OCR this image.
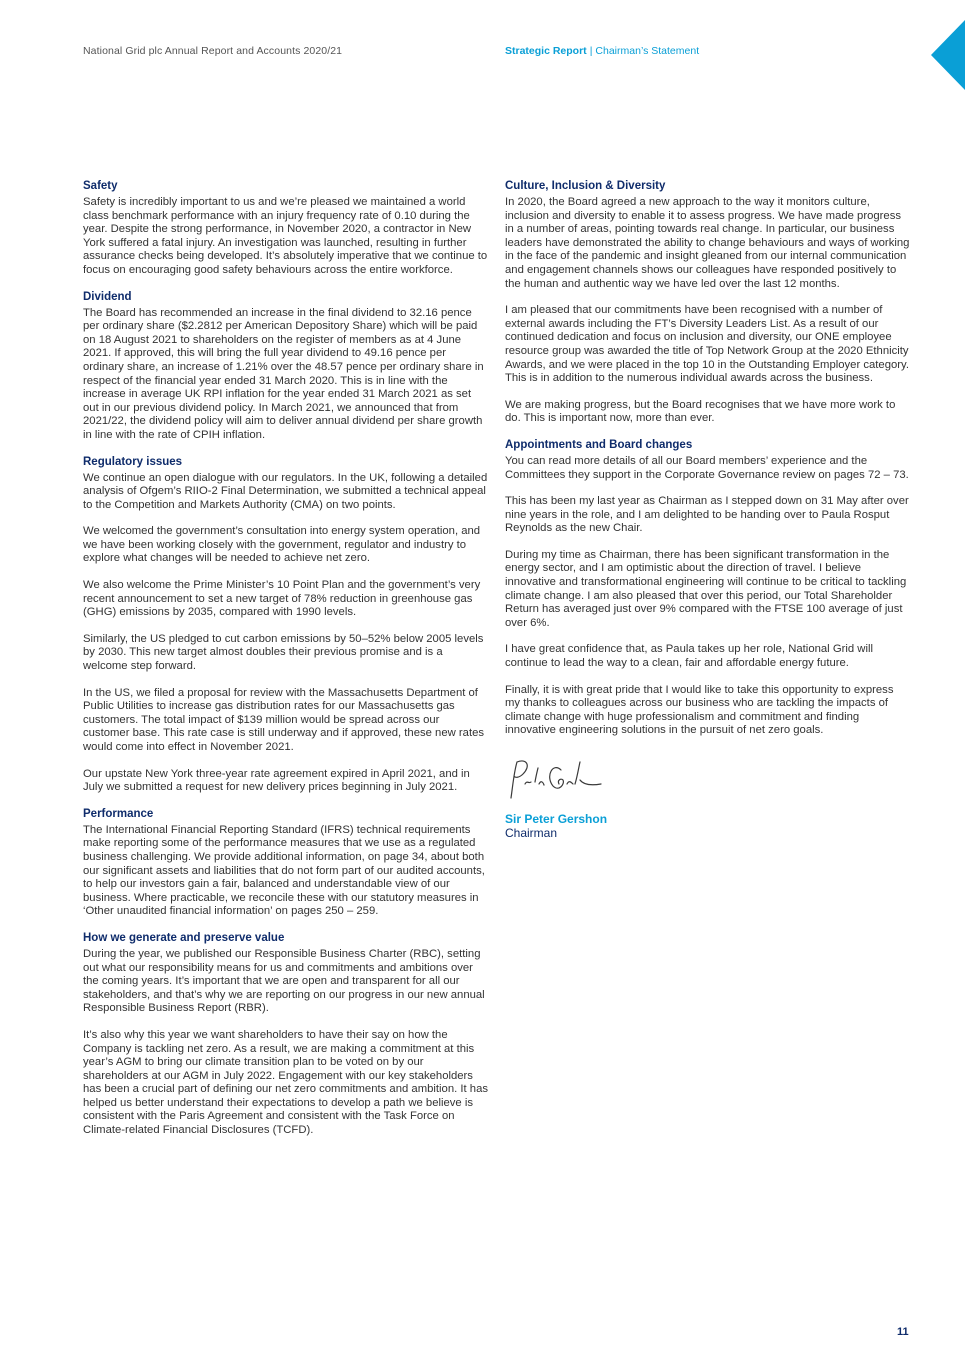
National Grid plc Annual Report and Accounts 2020/21	Strategic Report | Chairman’s Statement
Safety

Safety is incredibly important to us and we’re pleased we maintained a world class benchmark performance with an injury frequency rate of 0.10 during the year. Despite the strong performance, in November 2020, a contractor in New York suffered a fatal injury. An investigation was launched, resulting in further assurance checks being developed. It’s absolutely imperative that we continue to focus on encouraging good safety behaviours across the entire workforce.

Dividend

The Board has recommended an increase in the final dividend to 32.16 pence per ordinary share ($2.2812 per American Depository Share) which will be paid on 18 August 2021 to shareholders on the register of members as at 4 June 2021. If approved, this will bring the full year dividend to 49.16 pence per ordinary share, an increase of 1.21% over the 48.57 pence per ordinary share in respect of the financial year ended 31 March 2020. This is in line with the increase in average UK RPI inflation for the year ended 31 March 2021 as set out in our previous dividend policy. In March 2021, we announced that from 2021/22, the dividend policy will aim to deliver annual dividend per share growth in line with the rate of CPIH inflation.

Regulatory issues

We continue an open dialogue with our regulators. In the UK, following a detailed analysis of Ofgem’s RIIO-2 Final Determination, we submitted a technical appeal to the Competition and Markets Authority (CMA) on two points.

We welcomed the government’s consultation into energy system operation, and we have been working closely with the government, regulator and industry to explore what changes will be needed to achieve net zero.

We also welcome the Prime Minister’s 10 Point Plan and the government’s very recent announcement to set a new target of 78% reduction in greenhouse gas (GHG) emissions by 2035, compared with 1990 levels.

Similarly, the US pledged to cut carbon emissions by 50–52% below 2005 levels by 2030. This new target almost doubles their previous promise and is a welcome step forward.

In the US, we filed a proposal for review with the Massachusetts Department of Public Utilities to increase gas distribution rates for our Massachusetts gas customers. The total impact of $139 million would be spread across our customer base. This rate case is still underway and if approved, these new rates would come into effect in November 2021.

Our upstate New York three-year rate agreement expired in April 2021, and in July we submitted a request for new delivery prices beginning in July 2021.

Performance

The International Financial Reporting Standard (IFRS) technical requirements make reporting some of the performance measures that we use as a regulated business challenging. We provide additional information, on page 34, about both our significant assets and liabilities that do not form part of our audited accounts, to help our investors gain a fair, balanced and understandable view of our business. Where practicable, we reconcile these with our statutory measures in ‘Other unaudited financial information’ on pages 250 – 259.

How we generate and preserve value

During the year, we published our Responsible Business Charter (RBC), setting out what our responsibility means for us and commitments and ambitions over the coming years. It’s important that we are open and transparent for all our stakeholders, and that’s why we are reporting on our progress in our new annual Responsible Business Report (RBR).

It’s also why this year we want shareholders to have their say on how the Company is tackling net zero. As a result, we are making a commitment at this year’s AGM to bring our climate transition plan to be voted on by our shareholders at our AGM in July 2022. Engagement with our key stakeholders has been a crucial part of defining our net zero commitments and ambition. It has helped us better understand their expectations to develop a path we believe is consistent with the Paris Agreement and consistent with the Task Force on Climate-related Financial Disclosures (TCFD).

Culture, Inclusion & Diversity

In 2020, the Board agreed a new approach to the way it monitors culture, inclusion and diversity to enable it to assess progress. We have made progress in a number of areas, pointing towards real change. In particular, our business leaders have demonstrated the ability to change behaviours and ways of working in the face of the pandemic and insight gleaned from our internal communication and engagement channels shows our colleagues have responded positively to the human and authentic way we have led over the last 12 months.

I am pleased that our commitments have been recognised with a number of external awards including the FT’s Diversity Leaders List. As a result of our continued dedication and focus on inclusion and diversity, our ONE employee resource group was awarded the title of Top Network Group at the 2020 Ethnicity Awards, and we were placed in the top 10 in the Outstanding Employer category. This is in addition to the numerous individual awards across the business.

We are making progress, but the Board recognises that we have more work to do. This is important now, more than ever.

Appointments and Board changes

You can read more details of all our Board members’ experience and the Committees they support in the Corporate Governance review on pages 72 – 73.

This has been my last year as Chairman as I stepped down on 31 May after over nine years in the role, and I am delighted to be handing over to Paula Rosput Reynolds as the new Chair.

During my time as Chairman, there has been significant transformation in the energy sector, and I am optimistic about the direction of travel. I believe innovative and transformational engineering will continue to be critical to tackling climate change. I am also pleased that over this period, our Total Shareholder Return has averaged just over 9% compared with the FTSE 100 average of just over 6%.

I have great confidence that, as Paula takes up her role, National Grid will continue to lead the way to a clean, fair and affordable energy future.

Finally, it is with great pride that I would like to take this opportunity to express my thanks to colleagues across our business who are tackling the impacts of climate change with huge professionalism and commitment and finding innovative engineering solutions in the pursuit of net zero goals.

Sir Peter Gershon
Chairman
11
